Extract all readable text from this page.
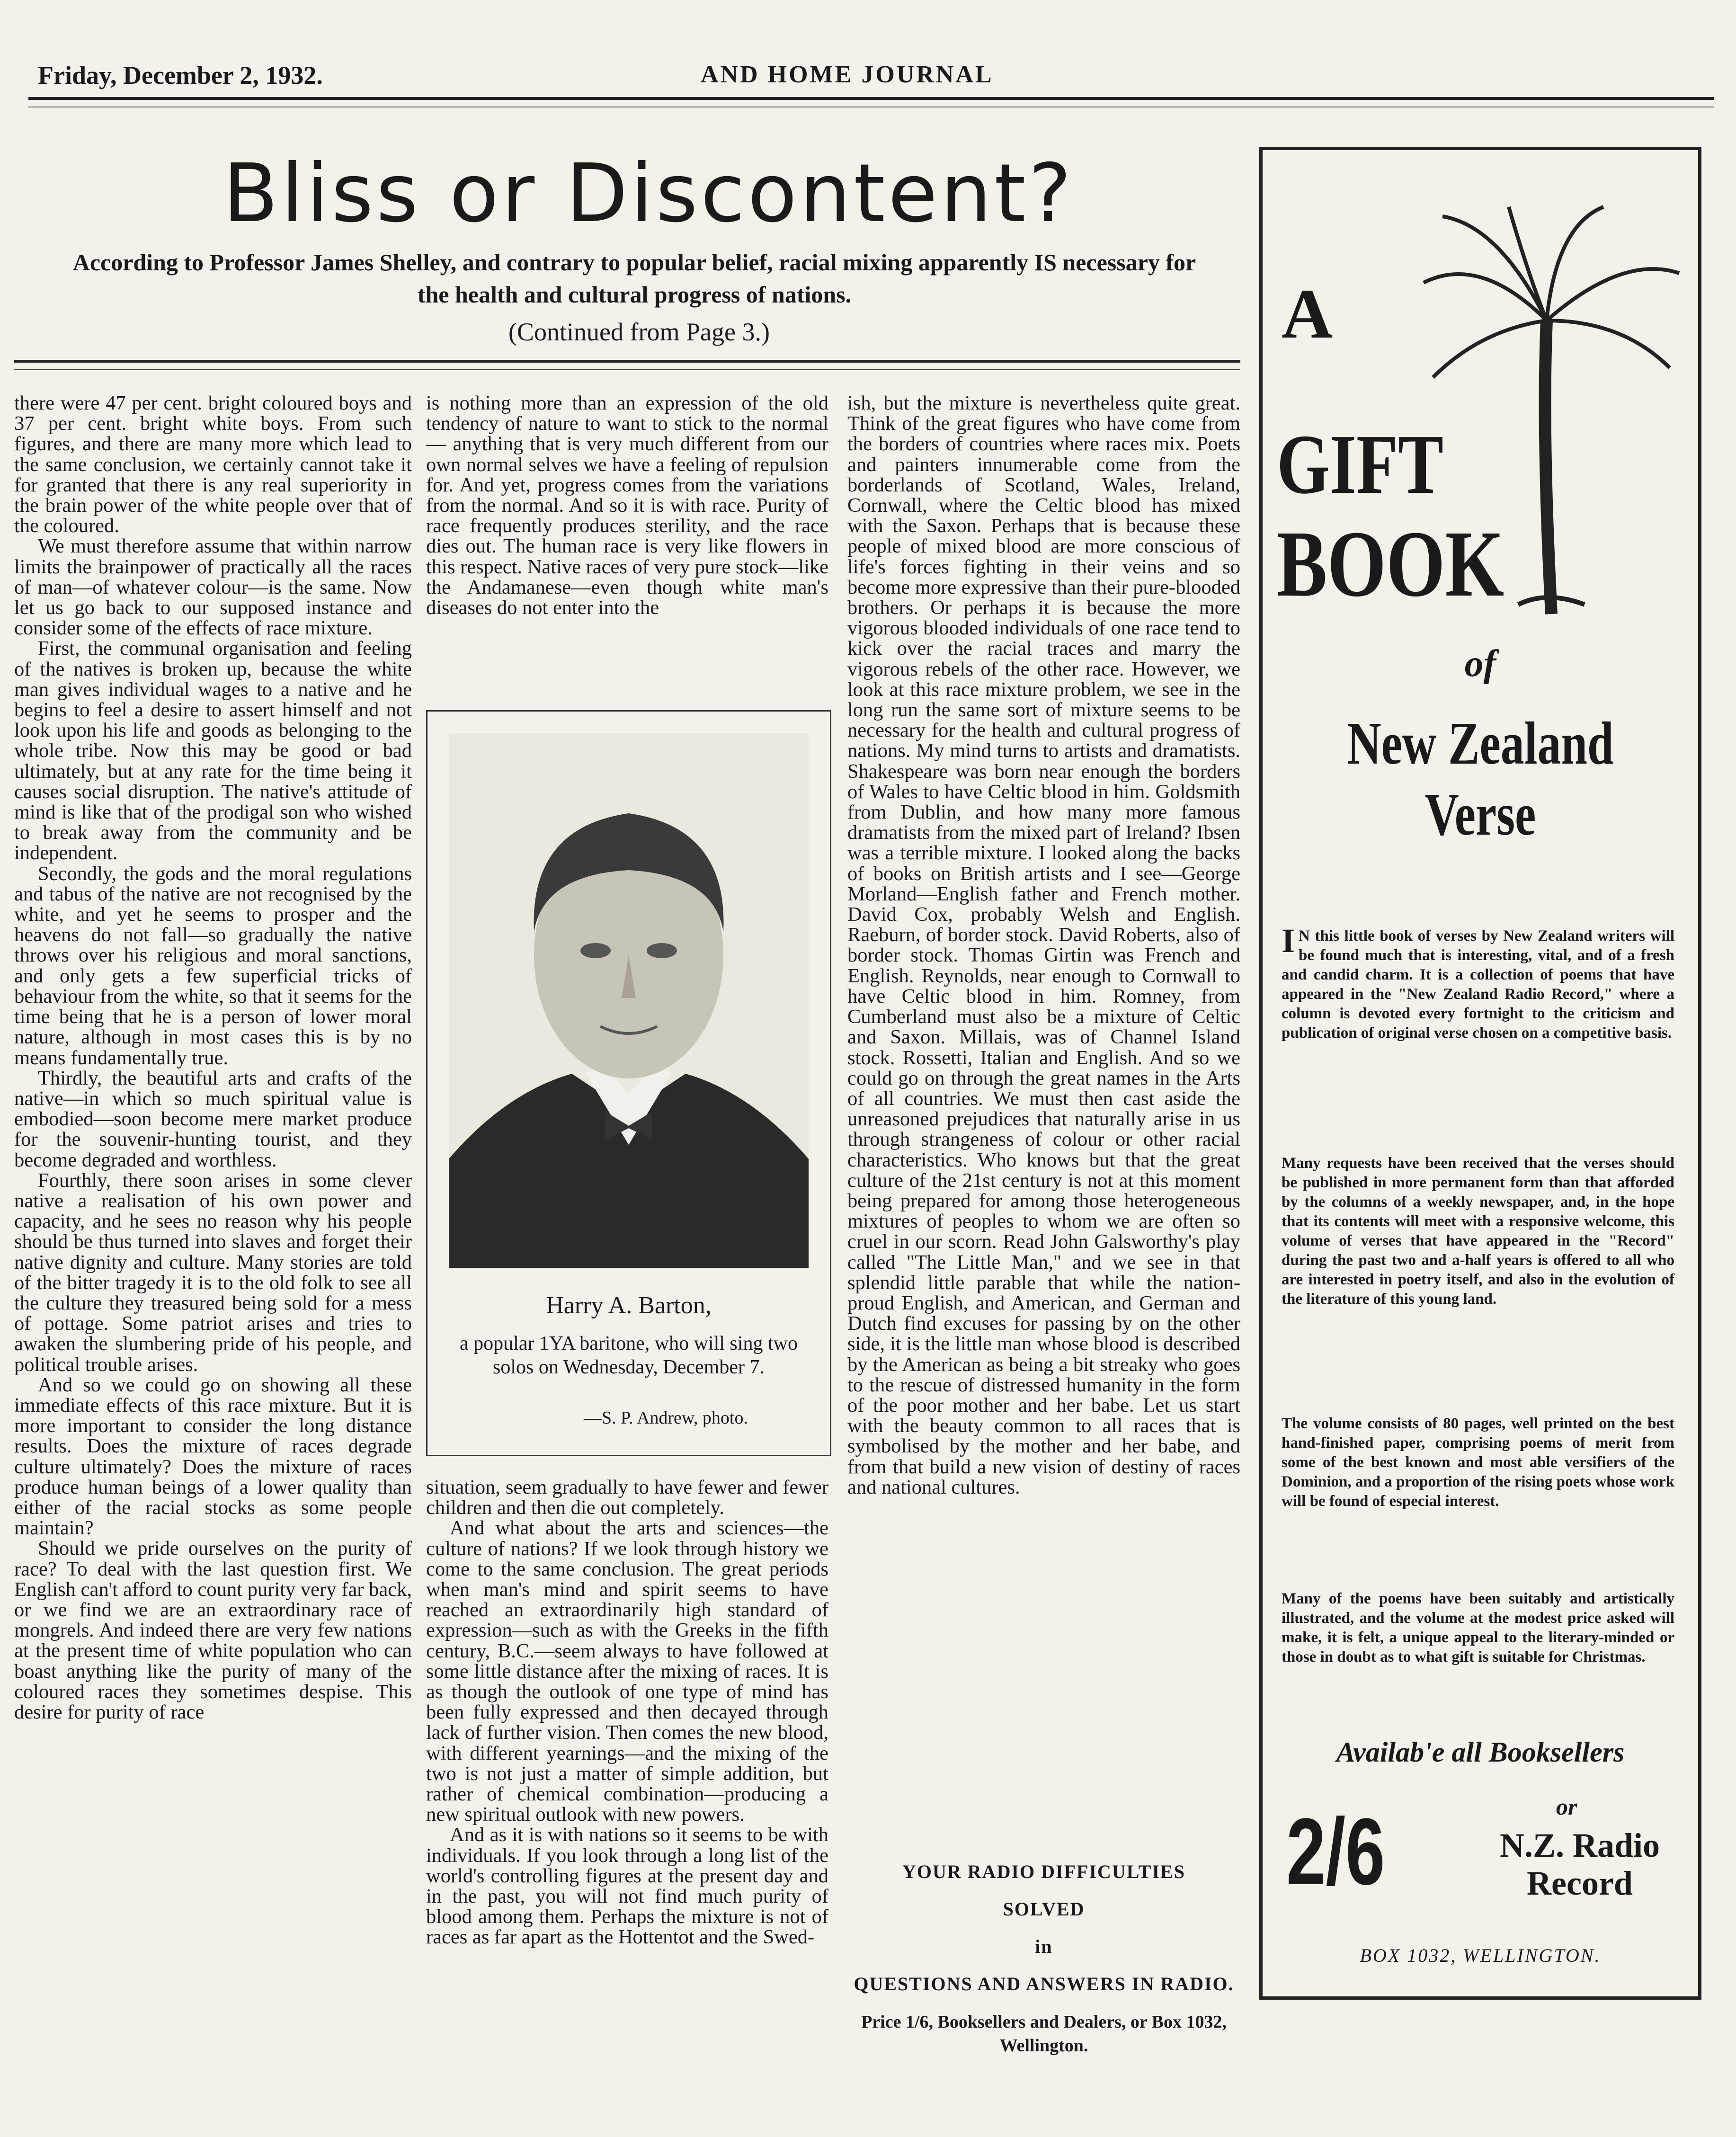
Friday, December 2, 1932.	AND HOME JOURNAL
Bliss or Discontent?
According to Professor James Shelley, and contrary to popular belief, racial mixing apparently IS necessary for the health and cultural progress of nations.
(Continued from Page 3.)

there were 47 per cent. bright coloured boys and 37 per cent. bright white boys. From such figures, and there are many more which lead to the same conclusion, we certainly cannot take it for granted that there is any real superiority in the brain power of the white people over that of the coloured.

We must therefore assume that within narrow limits the brainpower of practically all the races of man—of whatever colour—is the same. Now let us go back to our supposed instance and consider some of the effects of race mixture.

First, the communal organisation and feeling of the natives is broken up, because the white man gives individual wages to a native and he begins to feel a desire to assert himself and not look upon his life and goods as belonging to the whole tribe. Now this may be good or bad ultimately, but at any rate for the time being it causes social disruption. The native's attitude of mind is like that of the prodigal son who wished to break away from the community and be independent.

Secondly, the gods and the moral regulations and tabus of the native are not recognised by the white, and yet he seems to prosper and the heavens do not fall—so gradually the native throws over his religious and moral sanctions, and only gets a few superficial tricks of behaviour from the white, so that it seems for the time being that he is a person of lower moral nature, although in most cases this is by no means fundamentally true.

Thirdly, the beautiful arts and crafts of the native—in which so much spiritual value is embodied—soon become mere market produce for the souvenir-hunting tourist, and they become degraded and worthless.

Fourthly, there soon arises in some clever native a realisation of his own power and capacity, and he sees no reason why his people should be thus turned into slaves and forget their native dignity and culture. Many stories are told of the bitter tragedy it is to the old folk to see all the culture they treasured being sold for a mess of pottage. Some patriot arises and tries to awaken the slumbering pride of his people, and political trouble arises.

And so we could go on showing all these immediate effects of this race mixture. But it is more important to consider the long distance results. Does the mixture of races degrade culture ultimately? Does the mixture of races produce human beings of a lower quality than either of the racial stocks as some people maintain?

Should we pride ourselves on the purity of race? To deal with the last question first. We English can't afford to count purity very far back, or we find we are an extraordinary race of mongrels. And indeed there are very few nations at the present time of white population who can boast anything like the purity of many of the coloured races they sometimes despise. This desire for purity of race

is nothing more than an expression of the old tendency of nature to want to stick to the normal— anything that is very much different from our own normal selves we have a feeling of repulsion for. And yet, progress comes from the variations from the normal. And so it is with race. Purity of race frequently produces sterility, and the race dies out. The human race is very like flowers in this respect. Native races of very pure stock—like the Andamanese—even though white man's diseases do not enter into the

Harry A. Barton,
a popular 1YA baritone, who will sing two solos on Wednesday, December 7.
—S. P. Andrew, photo.

situation, seem gradually to have fewer and fewer children and then die out completely.

And what about the arts and sciences—the culture of nations? If we look through history we come to the same conclusion. The great periods when man's mind and spirit seems to have reached an extraordinarily high standard of expression—such as with the Greeks in the fifth century, B.C.—seem always to have followed at some little distance after the mixing of races. It is as though the outlook of one type of mind has been fully expressed and then decayed through lack of further vision. Then comes the new blood, with different yearnings—and the mixing of the two is not just a matter of simple addition, but rather of chemical combination—producing a new spiritual outlook with new powers.

And as it is with nations so it seems to be with individuals. If you look through a long list of the world's controlling figures at the present day and in the past, you will not find much purity of blood among them. Perhaps the mixture is not of races as far apart as the Hottentot and the Swed-

ish, but the mixture is nevertheless quite great. Think of the great figures who have come from the borders of countries where races mix. Poets and painters innumerable come from the borderlands of Scotland, Wales, Ireland, Cornwall, where the Celtic blood has mixed with the Saxon. Perhaps that is because these people of mixed blood are more conscious of life's forces fighting in their veins and so become more expressive than their pure-blooded brothers. Or perhaps it is because the more vigorous blooded individuals of one race tend to kick over the racial traces and marry the vigorous rebels of the other race. However, we look at this race mixture problem, we see in the long run the same sort of mixture seems to be necessary for the health and cultural progress of nations. My mind turns to artists and dramatists. Shakespeare was born near enough the borders of Wales to have Celtic blood in him. Goldsmith from Dublin, and how many more famous dramatists from the mixed part of Ireland? Ibsen was a terrible mixture. I looked along the backs of books on British artists and I see—George Morland—English father and French mother. David Cox, probably Welsh and English. Raeburn, of border stock. David Roberts, also of border stock. Thomas Girtin was French and English. Reynolds, near enough to Cornwall to have Celtic blood in him. Romney, from Cumberland must also be a mixture of Celtic and Saxon. Millais, was of Channel Island stock. Rossetti, Italian and English. And so we could go on through the great names in the Arts of all countries. We must then cast aside the unreasoned prejudices that naturally arise in us through strangeness of colour or other racial characteristics. Who knows but that the great culture of the 21st century is not at this moment being prepared for among those heterogeneous mixtures of peoples to whom we are often so cruel in our scorn. Read John Galsworthy's play called "The Little Man," and we see in that splendid little parable that while the nation-proud English, and American, and German and Dutch find excuses for passing by on the other side, it is the little man whose blood is described by the American as being a bit streaky who goes to the rescue of distressed humanity in the form of the poor mother and her babe. Let us start with the beauty common to all races that is symbolised by the mother and her babe, and from that build a new vision of destiny of races and national cultures.

YOUR RADIO DIFFICULTIES
SOLVED
in
QUESTIONS AND ANSWERS IN RADIO.
Price 1/6, Booksellers and Dealers, or Box 1032, Wellington.
A
GIFT
BOOK
of
New Zealand
Verse
IN this little book of verses by New Zealand writers will be found much that is interesting, vital, and of a fresh and candid charm. It is a collection of poems that have appeared in the "New Zealand Radio Record," where a column is devoted every fortnight to the criticism and publication of original verse chosen on a competitive basis.
Many requests have been received that the verses should be published in more permanent form than that afforded by the columns of a weekly newspaper, and, in the hope that its contents will meet with a responsive welcome, this volume of verses that have appeared in the "Record" during the past two and a-half years is offered to all who are interested in poetry itself, and also in the evolution of the literature of this young land.
The volume consists of 80 pages, well printed on the best hand-finished paper, comprising poems of merit from some of the best known and most able versifiers of the Dominion, and a proportion of the rising poets whose work will be found of especial interest.
Many of the poems have been suitably and artistically illustrated, and the volume at the modest price asked will make, it is felt, a unique appeal to the literary-minded or those in doubt as to what gift is suitable for Christmas.
Availab'e all Booksellers
2/6	or
N.Z. Radio
Record
BOX 1032, WELLINGTON.
